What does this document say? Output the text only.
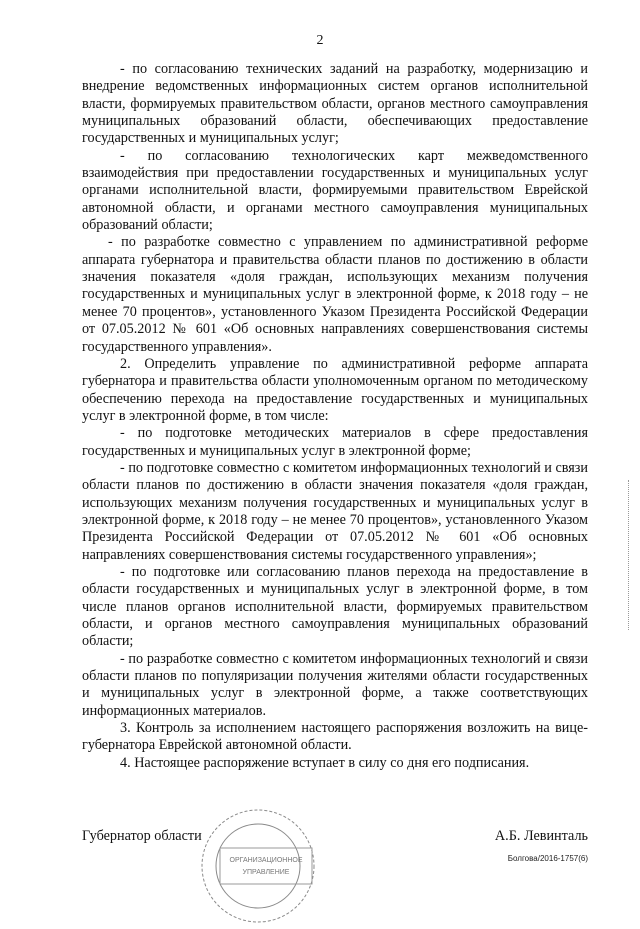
2

- по согласованию технических заданий на разработку, модернизацию и внедрение ведомственных информационных систем органов исполнительной власти, формируемых правительством области, органов местного самоуправления муниципальных образований области, обеспечивающих предоставление государственных и муниципальных услуг;

- по согласованию технологических карт межведомственного взаимодействия при предоставлении государственных и муниципальных услуг органами исполнительной власти, формируемыми правительством Еврейской автономной области, и органами местного самоуправления муниципальных образований области;

- по разработке совместно с управлением по административной реформе аппарата губернатора и правительства области планов по достижению в области значения показателя «доля граждан, использующих механизм получения государственных и муниципальных услуг в электронной форме, к 2018 году – не менее 70 процентов», установленного Указом Президента Российской Федерации от 07.05.2012 № 601 «Об основных направлениях совершенствования системы государственного управления».

2. Определить управление по административной реформе аппарата губернатора и правительства области уполномоченным органом по методическому обеспечению перехода на предоставление государственных и муниципальных услуг в электронной форме, в том числе:

- по подготовке методических материалов в сфере предоставления государственных и муниципальных услуг в электронной форме;

- по подготовке совместно с комитетом информационных технологий и связи области планов по достижению в области значения показателя «доля граждан, использующих механизм получения государственных и муниципальных услуг в электронной форме, к 2018 году – не менее 70 процентов», установленного Указом Президента Российской Федерации от 07.05.2012 № 601 «Об основных направлениях совершенствования системы государственного управления»;

- по подготовке или согласованию планов перехода на предоставление в области государственных и муниципальных услуг в электронной форме, в том числе планов органов исполнительной власти, формируемых правительством области, и органов местного самоуправления муниципальных образований области;

- по разработке совместно с комитетом информационных технологий и связи области планов по популяризации получения жителями области государственных и муниципальных услуг в электронной форме, а также соответствующих информационных материалов.

3. Контроль за исполнением настоящего распоряжения возложить на вице-губернатора Еврейской автономной области.

4. Настоящее распоряжение вступает в силу со дня его подписания.

Губернатор области	А.Б. Левинталь
ОРГАНИЗАЦИОННОЕ
УПРАВЛЕНИЕ
Болгова/2016-1757(6)
